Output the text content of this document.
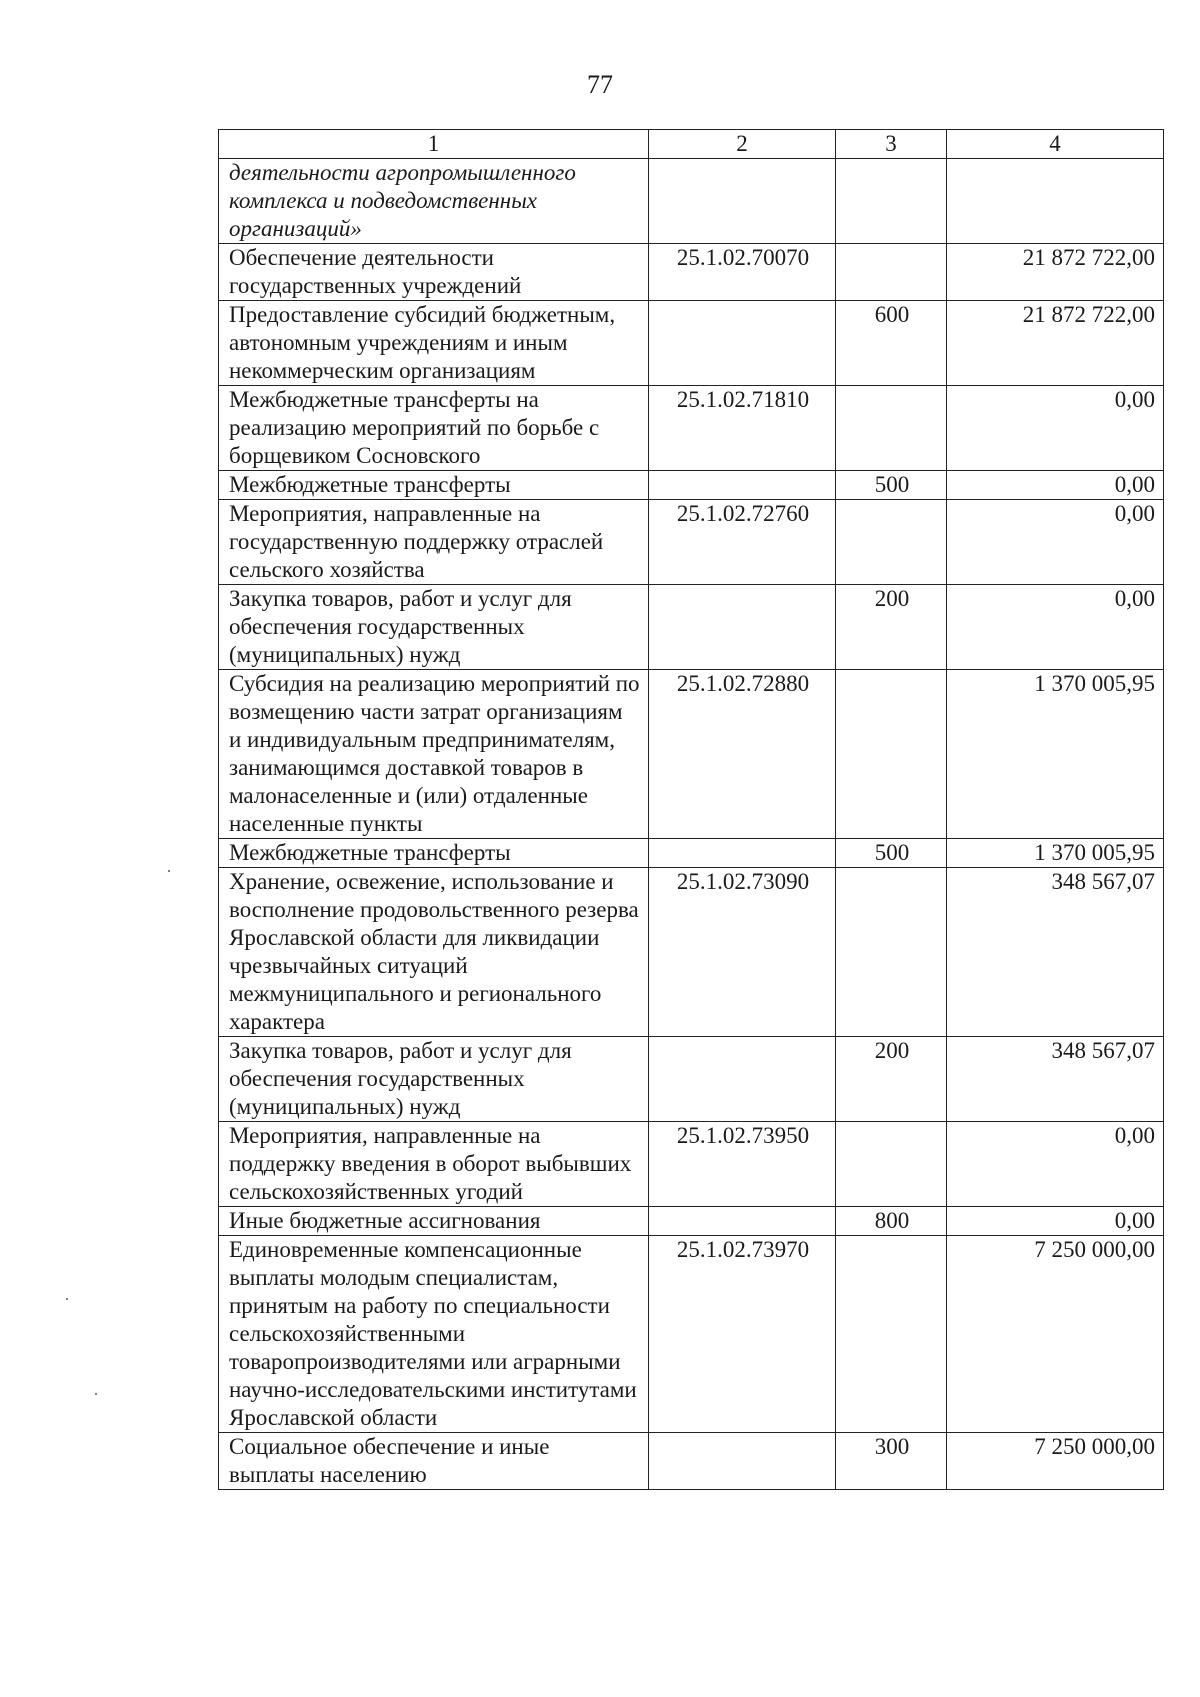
77
1	2	3	4
деятельности агропромышленного комплекса и подведомственных организаций»			
Обеспечение деятельности государственных учреждений	25.1.02.70070		21 872 722,00
Предоставление субсидий бюджетным, автономным учреждениям и иным некоммерческим организациям		600	21 872 722,00
Межбюджетные трансферты на реализацию мероприятий по борьбе с борщевиком Сосновского	25.1.02.71810		0,00
Межбюджетные трансферты		500	0,00
Мероприятия, направленные на государственную поддержку отраслей сельского хозяйства	25.1.02.72760		0,00
Закупка товаров, работ и услуг для обеспечения государственных (муниципальных) нужд		200	0,00
Субсидия на реализацию мероприятий по возмещению части затрат организациям и индивидуальным предпринимателям, занимающимся доставкой товаров в малонаселенные и (или) отдаленные населенные пункты	25.1.02.72880		1 370 005,95
Межбюджетные трансферты		500	1 370 005,95
Хранение, освежение, использование и восполнение продовольственного резерва Ярославской области для ликвидации чрезвычайных ситуаций межмуниципального и регионального характера	25.1.02.73090		348 567,07
Закупка товаров, работ и услуг для обеспечения государственных (муниципальных) нужд		200	348 567,07
Мероприятия, направленные на поддержку введения в оборот выбывших сельскохозяйственных угодий	25.1.02.73950		0,00
Иные бюджетные ассигнования		800	0,00
Единовременные компенсационные выплаты молодым специалистам, принятым на работу по специальности сельскохозяйственными товаропроизводителями или аграрными научно-исследовательскими институтами Ярославской области	25.1.02.73970		7 250 000,00
Социальное обеспечение и иные выплаты населению		300	7 250 000,00
